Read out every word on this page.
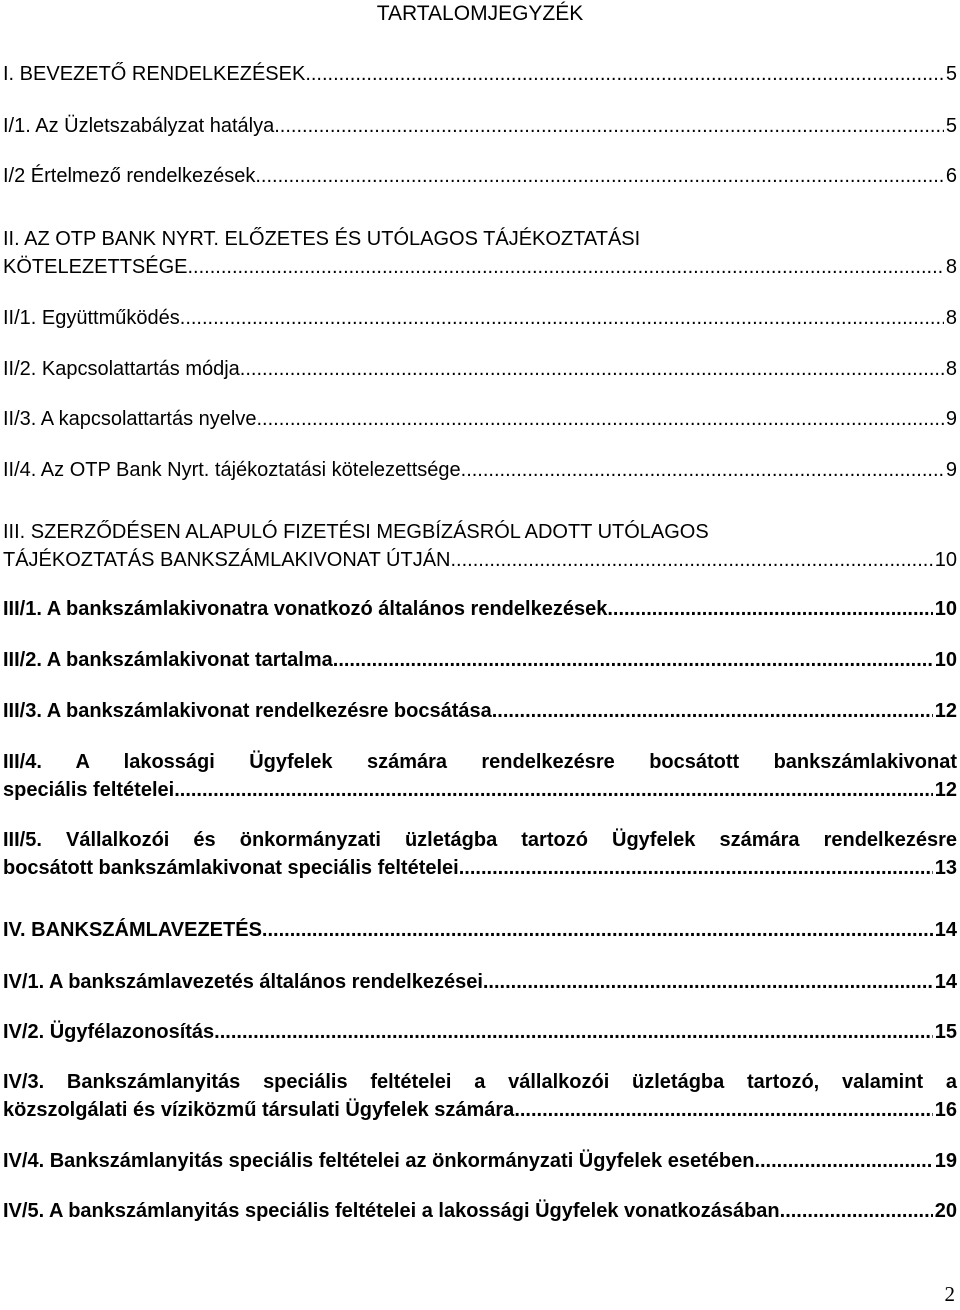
TARTALOMJEGYZÉK
I. BEVEZETŐ RENDELKEZÉSEK .....	5
I/1. Az Üzletszabályzat hatálya .....	5
I/2 Értelmező rendelkezések .....	6
II. AZ OTP BANK NYRT. ELŐZETES ÉS UTÓLAGOS TÁJÉKOZTATÁSI
KÖTELEZETTSÉGE .....	8
II/1. Együttműködés .....	8
II/2. Kapcsolattartás módja .....	8
II/3. A kapcsolattartás nyelve .....	9
II/4. Az OTP Bank Nyrt. tájékoztatási kötelezettsége .....	9
III. SZERZŐDÉSEN ALAPULÓ FIZETÉSI MEGBÍZÁSRÓL ADOTT UTÓLAGOS
TÁJÉKOZTATÁS BANKSZÁMLAKIVONAT ÚTJÁN .....	10
III/1. A bankszámlakivonatra vonatkozó általános rendelkezések .....	10
III/2. A bankszámlakivonat tartalma .....	10
III/3. A bankszámlakivonat rendelkezésre bocsátása .....	12
III/4. A lakossági Ügyfelek számára rendelkezésre bocsátott bankszámlakivonat
speciális feltételei .....	12
III/5. Vállalkozói és önkormányzati üzletágba tartozó Ügyfelek számára rendelkezésre
bocsátott bankszámlakivonat speciális feltételei .....	13
IV. BANKSZÁMLAVEZETÉS .....	14
IV/1. A bankszámlavezetés általános rendelkezései .....	14
IV/2. Ügyfélazonosítás .....	15
IV/3. Bankszámlanyitás speciális feltételei a vállalkozói üzletágba tartozó, valamint a
közszolgálati és víziközmű társulati Ügyfelek számára .....	16
IV/4. Bankszámlanyitás speciális feltételei az önkormányzati Ügyfelek esetében .....	19
IV/5. A bankszámlanyitás speciális feltételei a lakossági Ügyfelek vonatkozásában .....	20
2
